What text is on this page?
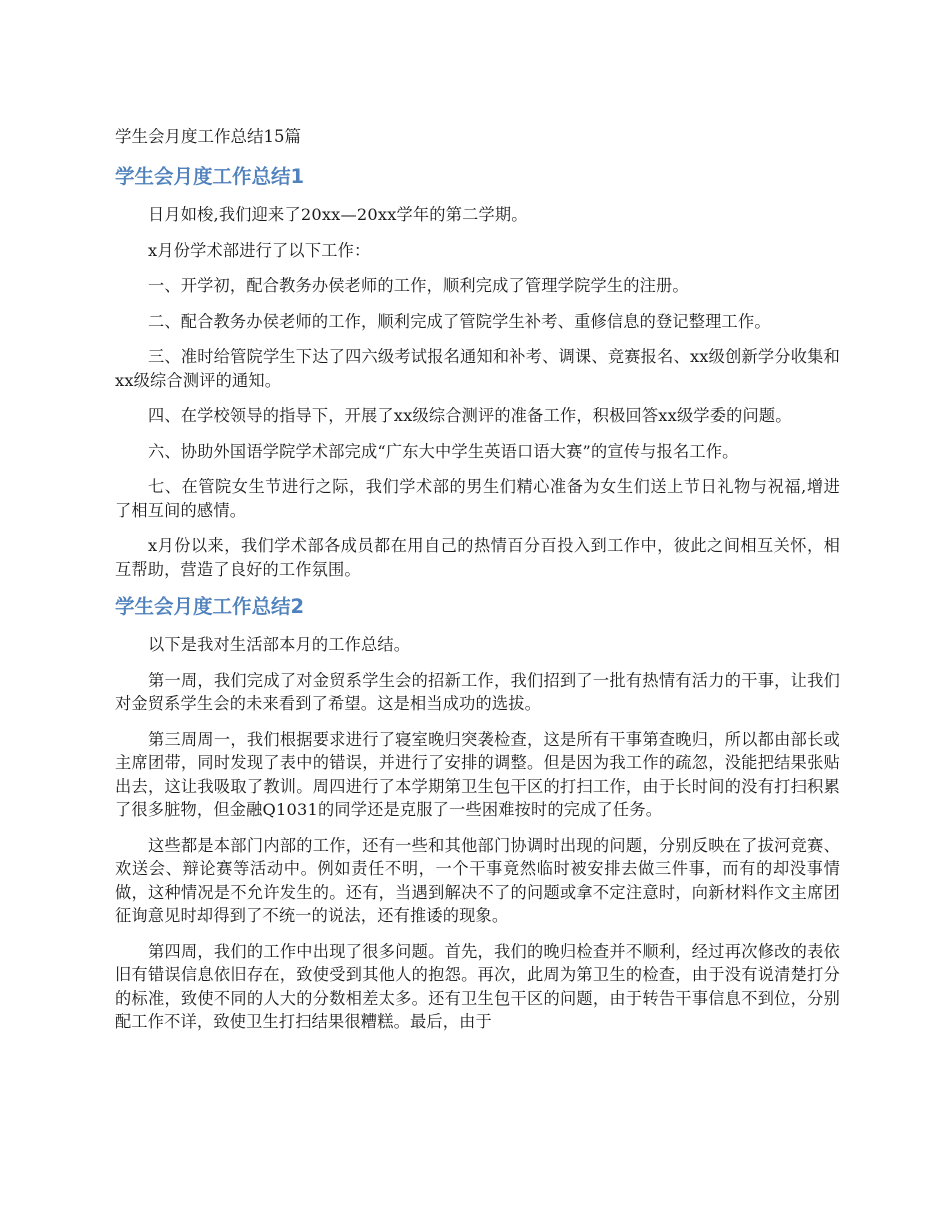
学生会月度工作总结15篇
学生会月度工作总结1

日月如梭,我们迎来了20xx—20xx学年的第二学期。

x月份学术部进行了以下工作：

一、开学初，配合教务办侯老师的工作，顺利完成了管理学院学生的注册。

二、配合教务办侯老师的工作，顺利完成了管院学生补考、重修信息的登记整理工作。

三、准时给管院学生下达了四六级考试报名通知和补考、调课、竞赛报名、xx级创新学分收集和xx级综合测评的通知。

四、在学校领导的指导下，开展了xx级综合测评的准备工作，积极回答xx级学委的问题。

六、协助外国语学院学术部完成“广东大中学生英语口语大赛”的宣传与报名工作。

七、在管院女生节进行之际，我们学术部的男生们精心准备为女生们送上节日礼物与祝福,增进了相互间的感情。

x月份以来，我们学术部各成员都在用自己的热情百分百投入到工作中，彼此之间相互关怀，相互帮助，营造了良好的工作氛围。

学生会月度工作总结2

以下是我对生活部本月的工作总结。

第一周，我们完成了对金贸系学生会的招新工作，我们招到了一批有热情有活力的干事，让我们对金贸系学生会的未来看到了希望。这是相当成功的选拔。

第三周周一，我们根据要求进行了寝室晚归突袭检查，这是所有干事第查晚归，所以都由部长或主席团带，同时发现了表中的错误，并进行了安排的调整。但是因为我工作的疏忽，没能把结果张贴出去，这让我吸取了教训。周四进行了本学期第卫生包干区的打扫工作，由于长时间的没有打扫积累了很多脏物，但金融Q1031的同学还是克服了一些困难按时的完成了任务。

这些都是本部门内部的工作，还有一些和其他部门协调时出现的问题，分别反映在了拔河竞赛、欢送会、辩论赛等活动中。例如责任不明，一个干事竟然临时被安排去做三件事，而有的却没事情做，这种情况是不允许发生的。还有，当遇到解决不了的问题或拿不定注意时，向新材料作文主席团征询意见时却得到了不统一的说法，还有推诿的现象。

第四周，我们的工作中出现了很多问题。首先，我们的晚归检查并不顺利，经过再次修改的表依旧有错误信息依旧存在，致使受到其他人的抱怨。再次，此周为第卫生的检查，由于没有说清楚打分的标准，致使不同的人大的分数相差太多。还有卫生包干区的问题，由于转告干事信息不到位，分别配工作不详，致使卫生打扫结果很糟糕。最后，由于
